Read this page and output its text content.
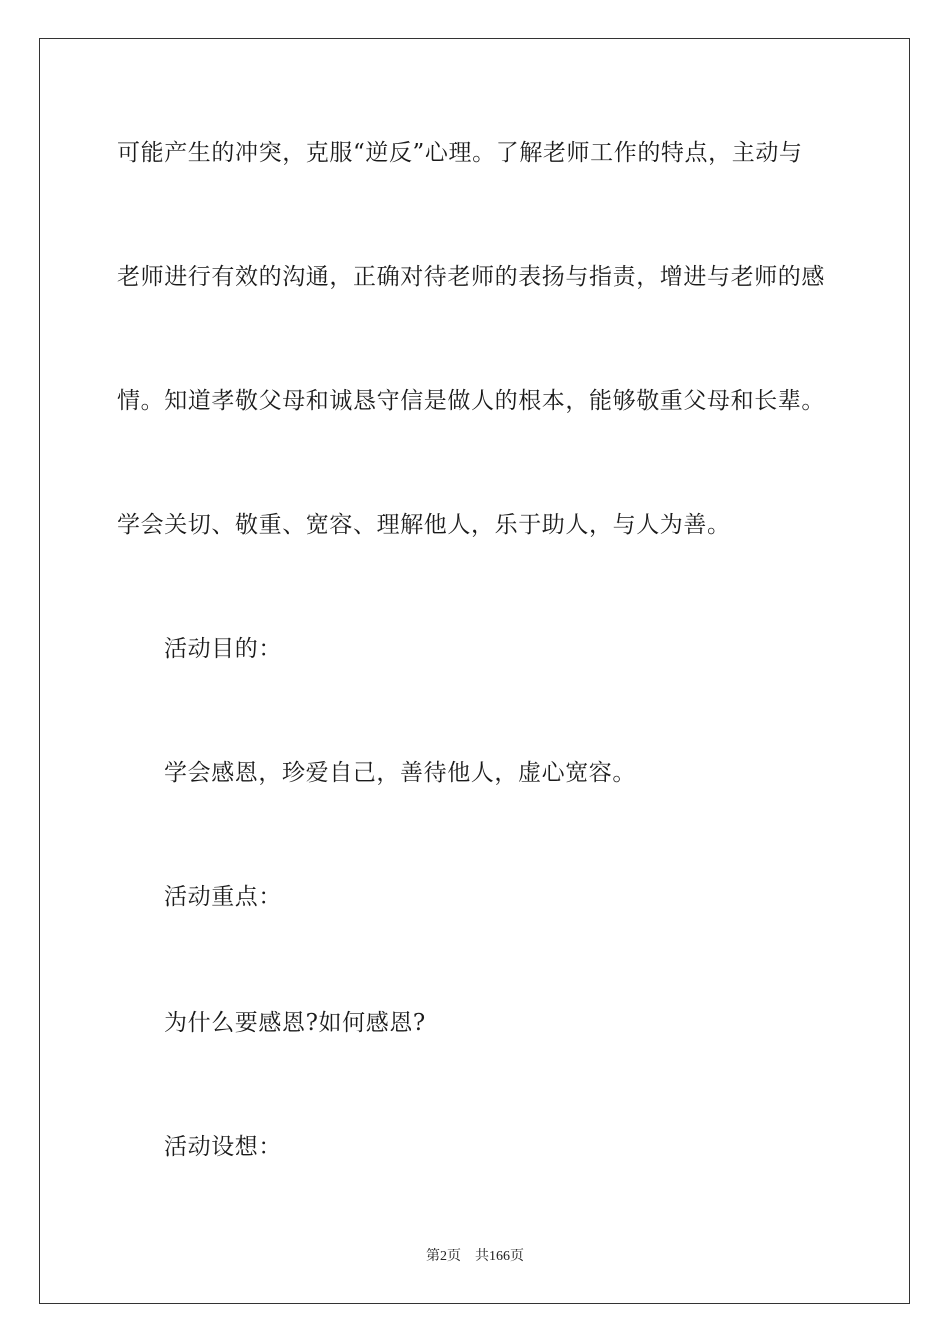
可能产生的冲突，克服“逆反”心理。了解老师工作的特点，主动与
老师进行有效的沟通，正确对待老师的表扬与指责，增进与老师的感
情。知道孝敬父母和诚恳守信是做人的根本，能够敬重父母和长辈。
学会关切、敬重、宽容、理解他人，乐于助人，与人为善。
活动目的：
学会感恩，珍爱自己，善待他人，虚心宽容。
活动重点：
为什么要感恩?如何感恩?
活动设想：
第2页 共166页
